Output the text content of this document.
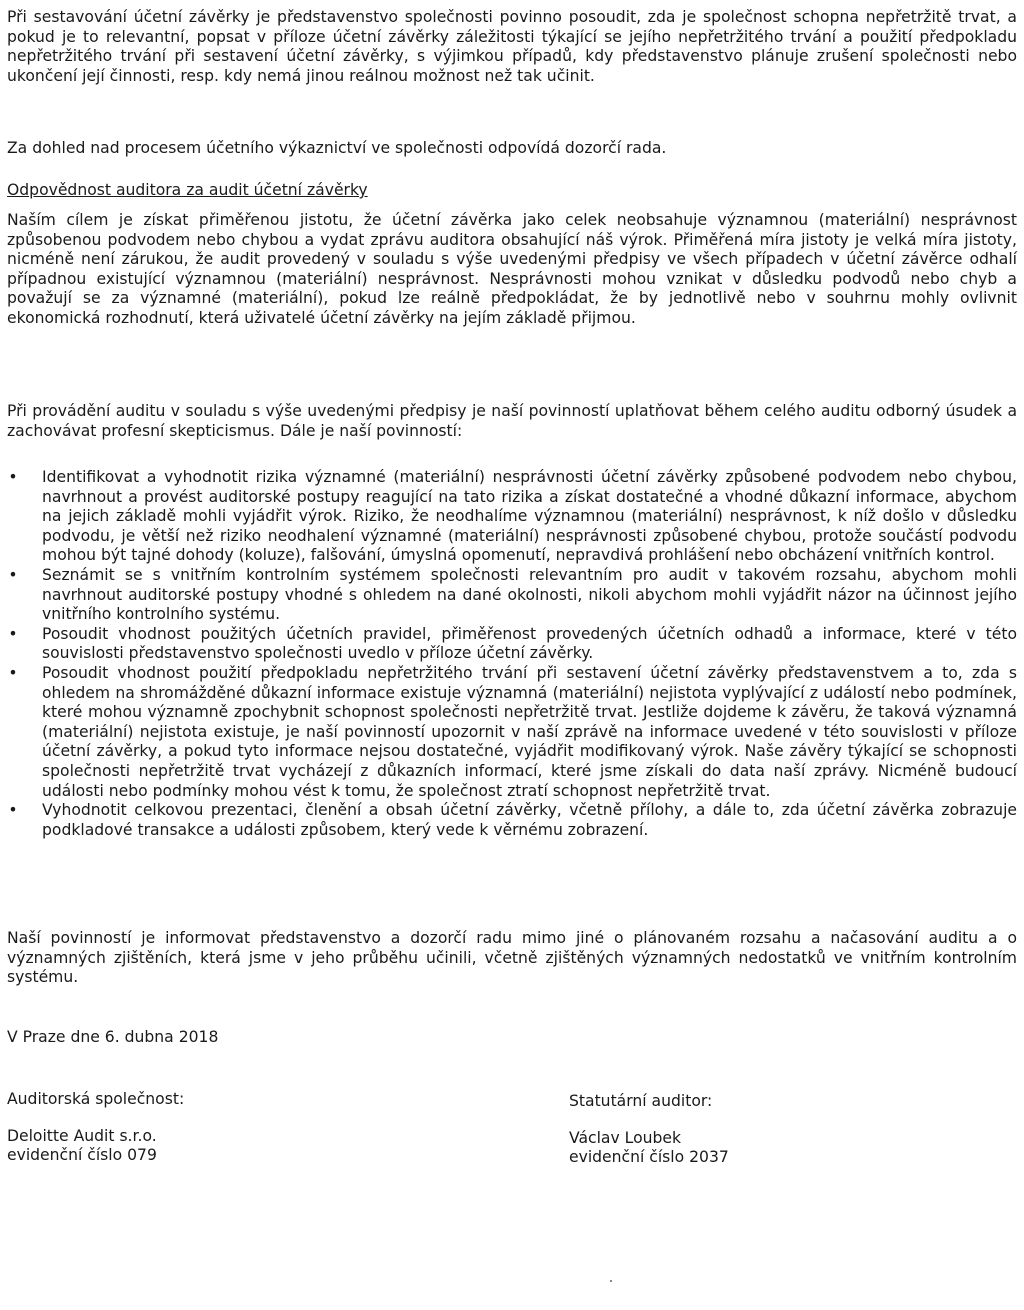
Při sestavování účetní závěrky je představenstvo společnosti povinno posoudit, zda je společnost schopna nepřetržitě trvat, a pokud je to relevantní, popsat v příloze účetní závěrky záležitosti týkající se jejího nepřetržitého trvání a použití předpokladu nepřetržitého trvání při sestavení účetní závěrky, s výjimkou případů, kdy představenstvo plánuje zrušení společnosti nebo ukončení její činnosti, resp. kdy nemá jinou reálnou možnost než tak učinit.

Za dohled nad procesem účetního výkaznictví ve společnosti odpovídá dozorčí rada.

Odpovědnost auditora za audit účetní závěrky

Naším cílem je získat přiměřenou jistotu, že účetní závěrka jako celek neobsahuje významnou (materiální) nesprávnost způsobenou podvodem nebo chybou a vydat zprávu auditora obsahující náš výrok. Přiměřená míra jistoty je velká míra jistoty, nicméně není zárukou, že audit provedený v souladu s výše uvedenými předpisy ve všech případech v účetní závěrce odhalí případnou existující významnou (materiální) nesprávnost. Nesprávnosti mohou vznikat v důsledku podvodů nebo chyb a považují se za významné (materiální), pokud lze reálně předpokládat, že by jednotlivě nebo v souhrnu mohly ovlivnit ekonomická rozhodnutí, která uživatelé účetní závěrky na jejím základě přijmou.

Při provádění auditu v souladu s výše uvedenými předpisy je naší povinností uplatňovat během celého auditu odborný úsudek a zachovávat profesní skepticismus. Dále je naší povinností:

• Identifikovat a vyhodnotit rizika významné (materiální) nesprávnosti účetní závěrky způsobené podvodem nebo chybou, navrhnout a provést auditorské postupy reagující na tato rizika a získat dostatečné a vhodné důkazní informace, abychom na jejich základě mohli vyjádřit výrok. Riziko, že neodhalíme významnou (materiální) nesprávnost, k níž došlo v důsledku podvodu, je větší než riziko neodhalení významné (materiální) nesprávnosti způsobené chybou, protože součástí podvodu mohou být tajné dohody (koluze), falšování, úmyslná opomenutí, nepravdivá prohlášení nebo obcházení vnitřních kontrol.
• Seznámit se s vnitřním kontrolním systémem společnosti relevantním pro audit v takovém rozsahu, abychom mohli navrhnout auditorské postupy vhodné s ohledem na dané okolnosti, nikoli abychom mohli vyjádřit názor na účinnost jejího vnitřního kontrolního systému.
• Posoudit vhodnost použitých účetních pravidel, přiměřenost provedených účetních odhadů a informace, které v této souvislosti představenstvo společnosti uvedlo v příloze účetní závěrky.
• Posoudit vhodnost použití předpokladu nepřetržitého trvání při sestavení účetní závěrky představenstvem a to, zda s ohledem na shromážděné důkazní informace existuje významná (materiální) nejistota vyplývající z událostí nebo podmínek, které mohou významně zpochybnit schopnost společnosti nepřetržitě trvat. Jestliže dojdeme k závěru, že taková významná (materiální) nejistota existuje, je naší povinností upozornit v naší zprávě na informace uvedené v této souvislosti v příloze účetní závěrky, a pokud tyto informace nejsou dostatečné, vyjádřit modifikovaný výrok. Naše závěry týkající se schopnosti společnosti nepřetržitě trvat vycházejí z důkazních informací, které jsme získali do data naší zprávy. Nicméně budoucí události nebo podmínky mohou vést k tomu, že společnost ztratí schopnost nepřetržitě trvat.
• Vyhodnotit celkovou prezentaci, členění a obsah účetní závěrky, včetně přílohy, a dále to, zda účetní závěrka zobrazuje podkladové transakce a události způsobem, který vede k věrnému zobrazení.

Naší povinností je informovat představenstvo a dozorčí radu mimo jiné o plánovaném rozsahu a načasování auditu a o významných zjištěních, která jsme v jeho průběhu učinili, včetně zjištěných významných nedostatků ve vnitřním kontrolním systému.

V Praze dne 6. dubna 2018
Auditorská společnost:
Deloitte Audit s.r.o.
evidenční číslo 079
Statutární auditor:
Václav Loubek
evidenční číslo 2037
